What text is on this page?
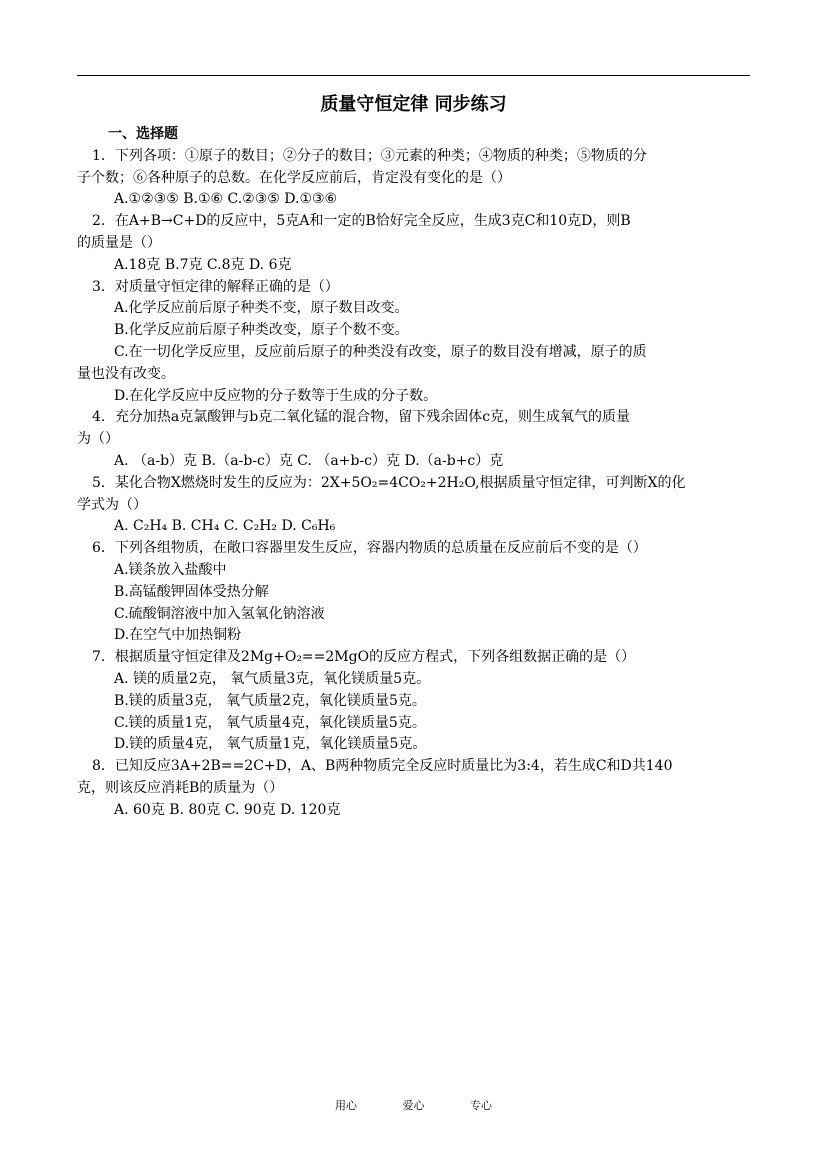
质量守恒定律 同步练习
一、选择题
1．下列各项：①原子的数目；②分子的数目；③元素的种类；④物质的种类；⑤物质的分
子个数；⑥各种原子的总数。在化学反应前后，肯定没有变化的是（）
A.①②③⑤ B.①⑥ C.②③⑤ D.①③⑥
2．在A+B→C+D的反应中，5克A和一定的B恰好完全反应，生成3克C和10克D，则B
的质量是（）
A.18克 B.7克 C.8克 D. 6克
3．对质量守恒定律的解释正确的是（）
A.化学反应前后原子种类不变，原子数目改变。
B.化学反应前后原子种类改变，原子个数不变。
C.在一切化学反应里，反应前后原子的种类没有改变，原子的数目没有增减，原子的质
量也没有改变。
D.在化学反应中反应物的分子数等于生成的分子数。
4．充分加热a克氯酸钾与b克二氧化锰的混合物，留下残余固体c克，则生成氧气的质量
为（）
A. （a-b）克 B.（a-b-c）克 C. （a+b-c）克 D.（a-b+c）克
5．某化合物X燃烧时发生的反应为：2X+5O₂=4CO₂+2H₂O,根据质量守恒定律，可判断X的化
学式为（）
A. C₂H₄ B. CH₄ C. C₂H₂ D. C₆H₆
6．下列各组物质，在敞口容器里发生反应，容器内物质的总质量在反应前后不变的是（）
A.镁条放入盐酸中
B.高锰酸钾固体受热分解
C.硫酸铜溶液中加入氢氧化钠溶液
D.在空气中加热铜粉
7．根据质量守恒定律及2Mg+O₂==2MgO的反应方程式，下列各组数据正确的是（）
A. 镁的质量2克， 氧气质量3克，氧化镁质量5克。
B.镁的质量3克， 氧气质量2克，氧化镁质量5克。
C.镁的质量1克， 氧气质量4克，氧化镁质量5克。
D.镁的质量4克， 氧气质量1克，氧化镁质量5克。
8．已知反应3A+2B==2C+D，A、B两种物质完全反应时质量比为3:4，若生成C和D共140
克，则该反应消耗B的质量为（）
A. 60克 B. 80克 C. 90克 D. 120克
用心	爱心	专心
